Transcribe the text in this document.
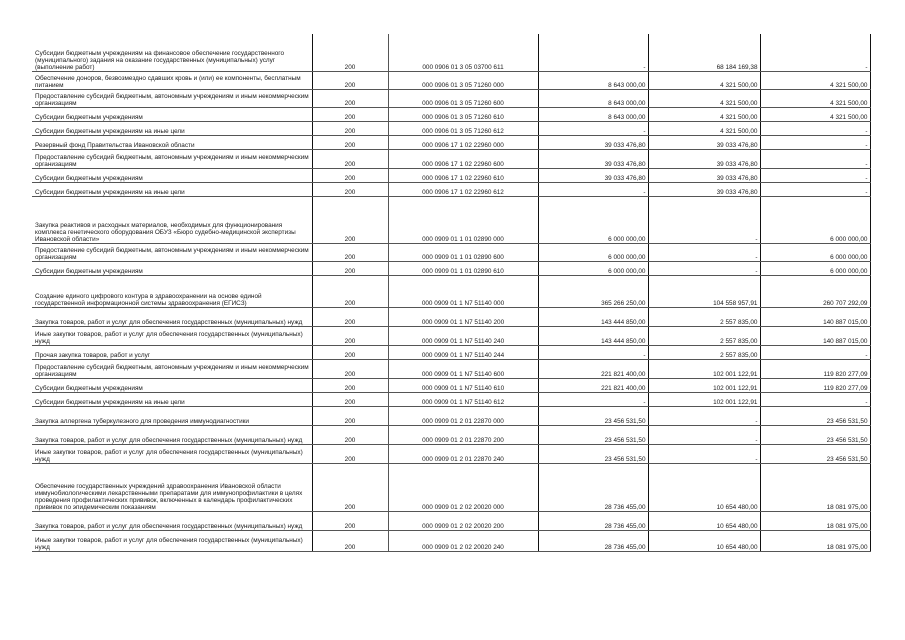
Субсидии бюджетным учреждениям на финансовое обеспечение государственного (муниципального) задания на оказание государственных (муниципальных) услуг (выполнение работ)	200	000 0906 01 3 05 03700 611	-	68 184 169,38	-
Обеспечение доноров, безвозмездно сдавших кровь и (или) ее компоненты, бесплатным питанием	200	000 0906 01 3 05 71260 000	8 643 000,00	4 321 500,00	4 321 500,00
Предоставление субсидий бюджетным, автономным учреждениям и иным некоммерческим организациям	200	000 0906 01 3 05 71260 600	8 643 000,00	4 321 500,00	4 321 500,00
Субсидии бюджетным учреждениям	200	000 0906 01 3 05 71260 610	8 643 000,00	4 321 500,00	4 321 500,00
Субсидии бюджетным учреждениям на иные цели	200	000 0906 01 3 05 71260 612	-	4 321 500,00	-
Резервный фонд Правительства Ивановской области	200	000 0906 17 1 02 22960 000	39 033 476,80	39 033 476,80	-
Предоставление субсидий бюджетным, автономным учреждениям и иным некоммерческим организациям	200	000 0906 17 1 02 22960 600	39 033 476,80	39 033 476,80	-
Субсидии бюджетным учреждениям	200	000 0906 17 1 02 22960 610	39 033 476,80	39 033 476,80	-
Субсидии бюджетным учреждениям на иные цели	200	000 0906 17 1 02 22960 612	-	39 033 476,80	-
Закупка реактивов и расходных материалов, необходимых для функционирования комплекса генетического оборудования ОБУЗ «Бюро судебно-медицинской экспертизы Ивановской области»	200	000 0909 01 1 01 02890 000	6 000 000,00	-	6 000 000,00
Предоставление субсидий бюджетным, автономным учреждениям и иным некоммерческим организациям	200	000 0909 01 1 01 02890 600	6 000 000,00	-	6 000 000,00
Субсидии бюджетным учреждениям	200	000 0909 01 1 01 02890 610	6 000 000,00	-	6 000 000,00
Создание единого цифрового контура в здравоохранении на основе единой государственной информационной системы здравоохранения (ЕГИСЗ)	200	000 0909 01 1 N7 51140 000	365 266 250,00	104 558 957,91	260 707 292,09
Закупка товаров, работ и услуг для обеспечения государственных (муниципальных) нужд	200	000 0909 01 1 N7 51140 200	143 444 850,00	2 557 835,00	140 887 015,00
Иные закупки товаров, работ и услуг для обеспечения государственных (муниципальных) нужд	200	000 0909 01 1 N7 51140 240	143 444 850,00	2 557 835,00	140 887 015,00
Прочая закупка товаров, работ и услуг	200	000 0909 01 1 N7 51140 244	-	2 557 835,00	-
Предоставление субсидий бюджетным, автономным учреждениям и иным некоммерческим организациям	200	000 0909 01 1 N7 51140 600	221 821 400,00	102 001 122,91	119 820 277,09
Субсидии бюджетным учреждениям	200	000 0909 01 1 N7 51140 610	221 821 400,00	102 001 122,91	119 820 277,09
Субсидии бюджетным учреждениям на иные цели	200	000 0909 01 1 N7 51140 612	-	102 001 122,91	-
Закупка аллергена туберкулезного для проведения иммунодиагностики	200	000 0909 01 2 01 22870 000	23 456 531,50	-	23 456 531,50
Закупка товаров, работ и услуг для обеспечения государственных (муниципальных) нужд	200	000 0909 01 2 01 22870 200	23 456 531,50	-	23 456 531,50
Иные закупки товаров, работ и услуг для обеспечения государственных (муниципальных) нужд	200	000 0909 01 2 01 22870 240	23 456 531,50	-	23 456 531,50
Обеспечение государственных учреждений здравоохранения Ивановской области иммунобиологическими лекарственными препаратами для иммунопрофилактики в целях проведения профилактических прививок, включенных в календарь профилактических прививок по эпидемическим показаниям	200	000 0909 01 2 02 20020 000	28 736 455,00	10 654 480,00	18 081 975,00
Закупка товаров, работ и услуг для обеспечения государственных (муниципальных) нужд	200	000 0909 01 2 02 20020 200	28 736 455,00	10 654 480,00	18 081 975,00
Иные закупки товаров, работ и услуг для обеспечения государственных (муниципальных) нужд	200	000 0909 01 2 02 20020 240	28 736 455,00	10 654 480,00	18 081 975,00
